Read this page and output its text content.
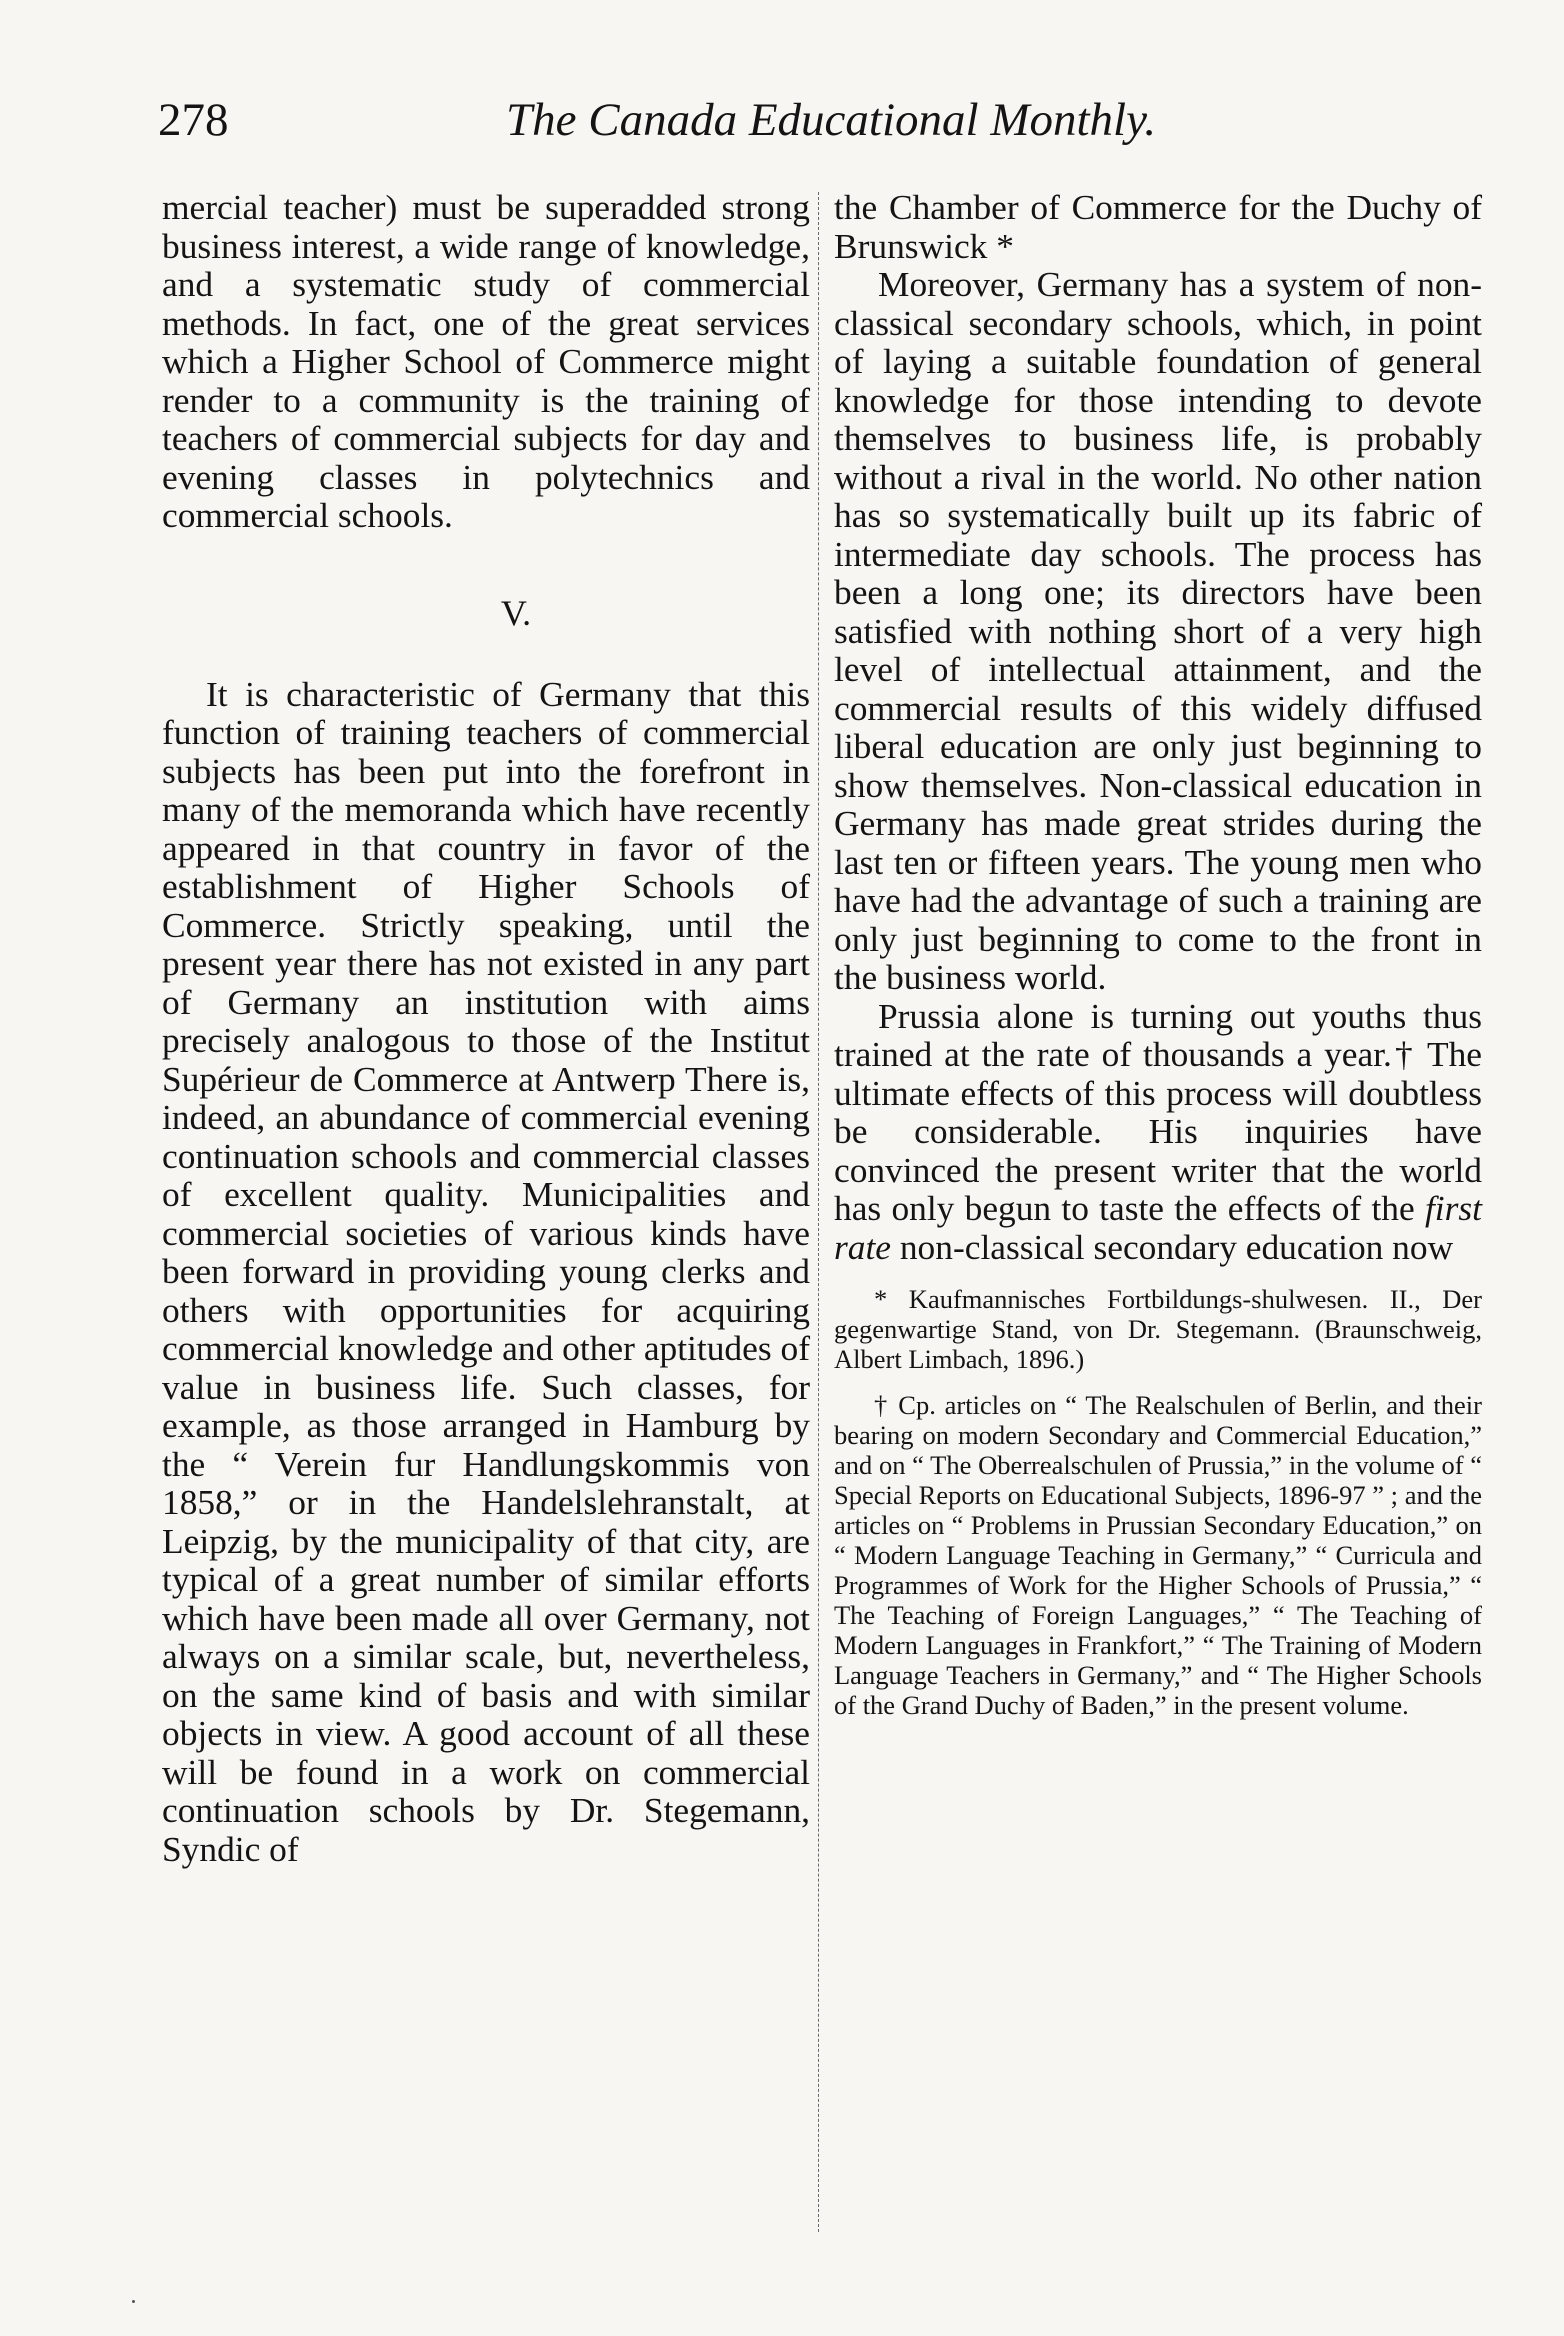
278	The Canada Educational Monthly.

mercial teacher) must be superadded strong business interest, a wide range of knowledge, and a systematic study of commercial methods. In fact, one of the great services which a Higher School of Commerce might render to a community is the training of teachers of commercial subjects for day and evening classes in polytechnics and commercial schools.

V.

It is characteristic of Germany that this function of training teachers of commercial subjects has been put into the forefront in many of the memoranda which have recently appeared in that country in favor of the establishment of Higher Schools of Commerce. Strictly speaking, until the present year there has not existed in any part of Germany an institution with aims precisely analogous to those of the Institut Supérieur de Commerce at Antwerp There is, indeed, an abundance of commercial evening continuation schools and commercial classes of excellent quality. Municipalities and commercial societies of various kinds have been forward in providing young clerks and others with opportunities for acquiring commercial knowledge and other aptitudes of value in business life. Such classes, for example, as those arranged in Hamburg by the “ Verein fur Handlungskommis von 1858,” or in the Handelslehranstalt, at Leipzig, by the municipality of that city, are typical of a great number of similar efforts which have been made all over Germany, not always on a similar scale, but, nevertheless, on the same kind of basis and with similar objects in view. A good account of all these will be found in a work on commercial continuation schools by Dr. Stegemann, Syndic of

the Chamber of Commerce for the Duchy of Brunswick *

Moreover, Germany has a system of non-classical secondary schools, which, in point of laying a suitable foundation of general knowledge for those intending to devote themselves to business life, is probably without a rival in the world. No other nation has so systematically built up its fabric of intermediate day schools. The process has been a long one; its directors have been satisfied with nothing short of a very high level of intellectual attainment, and the commercial results of this widely diffused liberal education are only just beginning to show themselves. Non-classical education in Germany has made great strides during the last ten or fifteen years. The young men who have had the advantage of such a training are only just beginning to come to the front in the business world.

Prussia alone is turning out youths thus trained at the rate of thousands a year.† The ultimate effects of this process will doubtless be considerable. His inquiries have convinced the present writer that the world has only begun to taste the effects of the first rate non-classical secondary education now

* Kaufmannisches Fortbildungs-shulwesen. II., Der gegenwartige Stand, von Dr. Stegemann. (Braunschweig, Albert Limbach, 1896.)

† Cp. articles on “ The Realschulen of Berlin, and their bearing on modern Secondary and Commercial Education,” and on “ The Oberrealschulen of Prussia,” in the volume of “ Special Reports on Educational Subjects, 1896-97 ” ; and the articles on “ Problems in Prussian Secondary Education,” on “ Modern Language Teaching in Germany,” “ Curricula and Programmes of Work for the Higher Schools of Prussia,” “ The Teaching of Foreign Languages,” “ The Teaching of Modern Languages in Frankfort,” “ The Training of Modern Language Teachers in Germany,” and “ The Higher Schools of the Grand Duchy of Baden,” in the present volume.
